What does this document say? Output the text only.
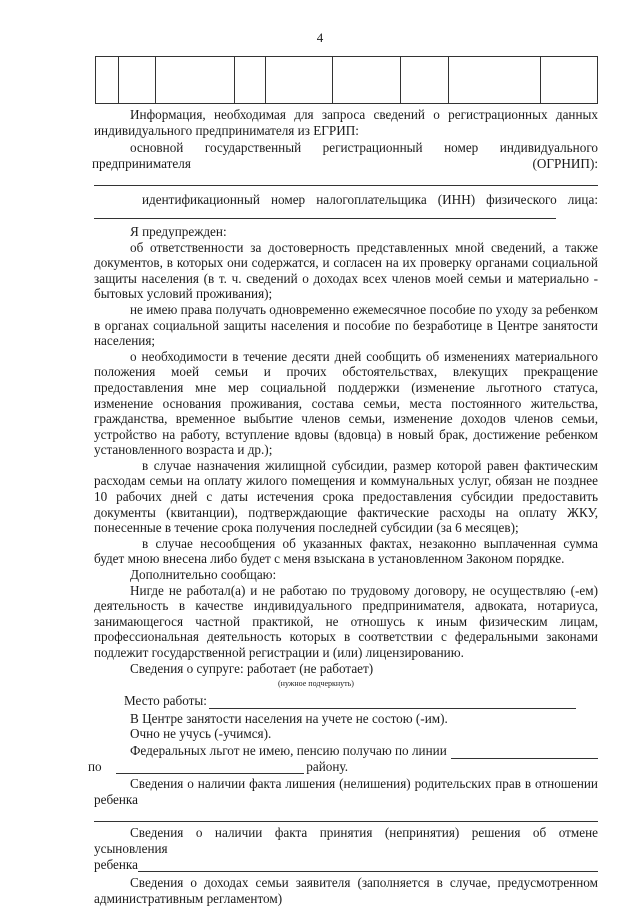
4

Информация, необходимая для запроса сведений о регистрационных данных индивидуального предпринимателя из ЕГРИП:

основной государственный регистрационный номер индивидуального

предпринимателя	(ОГРНИП):

идентификационный номер налогоплательщика (ИНН) физического лица:

Я предупрежден:

об ответственности за достоверность представленных мной сведений, а также документов, в которых они содержатся, и согласен на их проверку органами социальной защиты населения (в т. ч. сведений о доходах всех членов моей семьи и материально - бытовых условий проживания);

не имею права получать одновременно ежемесячное пособие по уходу за ребенком в органах социальной защиты населения и пособие по безработице в Центре занятости населения;

о необходимости в течение десяти дней сообщить об изменениях материального положения моей семьи и прочих обстоятельствах, влекущих прекращение предоставления мне мер социальной поддержки (изменение льготного статуса, изменение основания проживания, состава семьи, места постоянного жительства, гражданства, временное выбытие членов семьи, изменение доходов членов семьи, устройство на работу, вступление вдовы (вдовца) в новый брак, достижение ребенком установленного возраста и др.);

в случае назначения жилищной субсидии, размер которой равен фактическим расходам семьи на оплату жилого помещения и коммунальных услуг, обязан не позднее 10 рабочих дней с даты истечения срока предоставления субсидии предоставить документы (квитанции), подтверждающие фактические расходы на оплату ЖКУ, понесенные в течение срока получения последней субсидии (за 6 месяцев);

в случае несообщения об указанных фактах, незаконно выплаченная сумма будет мною внесена либо будет с меня взыскана в установленном Законом порядке.

Дополнительно сообщаю:

Нигде не работал(а) и не работаю по трудовому договору, не осуществляю (-ем) деятельность в качестве индивидуального предпринимателя, адвоката, нотариуса, занимающегося частной практикой, не отношусь к иным физическим лицам, профессиональная деятельность которых в соответствии с федеральными законами подлежит государственной регистрации и (или) лицензированию.

Сведения о супруге: работает (не работает)

(нужное подчеркнуть)
Место работы:

В Центре занятости населения на учете не состою (-им).

Очно не учусь (-учимся).

Федеральных льгот не имею, пенсию получаю по линии
по	району.

Сведения о наличии факта лишения (нелишения) родительских прав в отношении

ребенка

Сведения о наличии факта принятия (непринятия) решения об отмене усыновления

ребенка

Сведения о доходах семьи заявителя (заполняется в случае, предусмотренном административным регламентом)
